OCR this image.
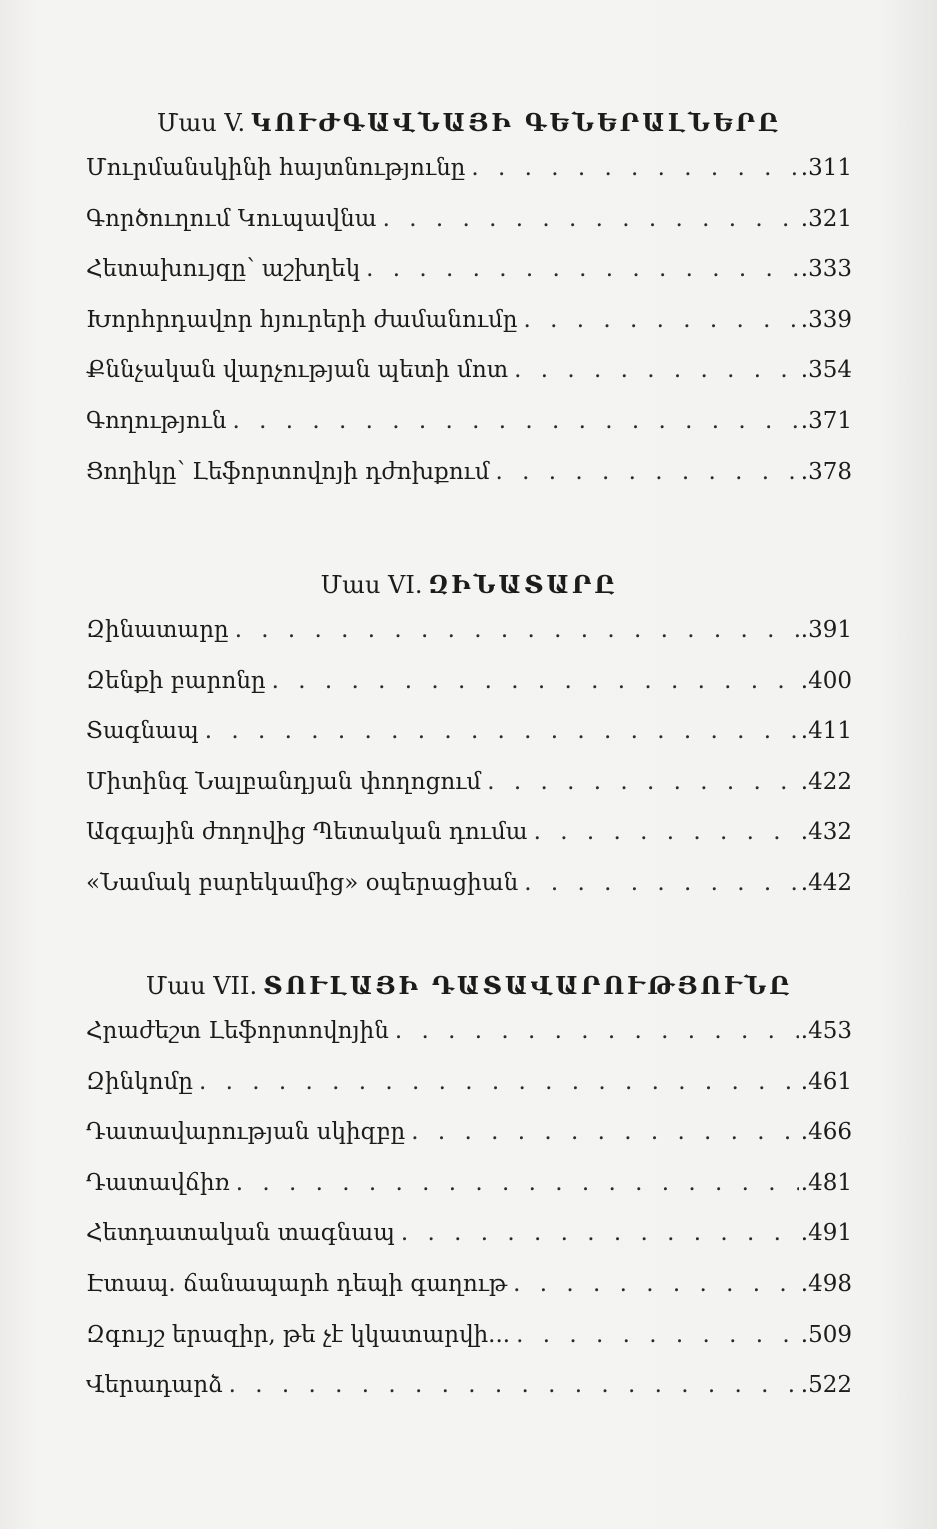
Մաս V. ԿՈՒԺԳԱՎՆԱՅԻ ԳԵՆԵՐԱԼՆԵՐԸ
Մուրմանսկինի հայտնությունը . . .	.311
Գործուղում Կուպավնա . . .	.321
Հետախույզը՝ աշխղեկ . . .	.333
Խորհրդավոր հյուրերի ժամանումը . . .	.339
Քննչական վարչության պետի մոտ . . .	.354
Գողություն . . .	.371
Ցողիկը՝ Լեֆորտովոյի դժոխքում . . .	.378
Մաս VI. ԶԻՆԱՏԱՐԸ
Զինատարը . . .	.391
Զենքի բարոնը . . .	.400
Տագնապ . . .	.411
Միտինգ Նալբանդյան փողոցում . . .	.422
Ազգային ժողովից Պետական դումա . . .	.432
«Նամակ բարեկամից» օպերացիան . . .	.442
Մաս VII. ՏՈՒԼԱՅԻ ԴԱՏԱՎԱՐՈՒԹՅՈՒՆԸ
Հրաժեշտ Լեֆորտովոյին . . .	.453
Զինկոմը . . .	.461
Դատավարության սկիզբը . . .	.466
Դատավճիռ . . .	.481
Հետդատական տագնապ . . .	.491
Էտապ. ճանապարհ դեպի գաղութ . . .	.498
Զգույշ երազիր, թե չէ կկատարվի... . . .	.509
Վերադարձ . . .	.522
